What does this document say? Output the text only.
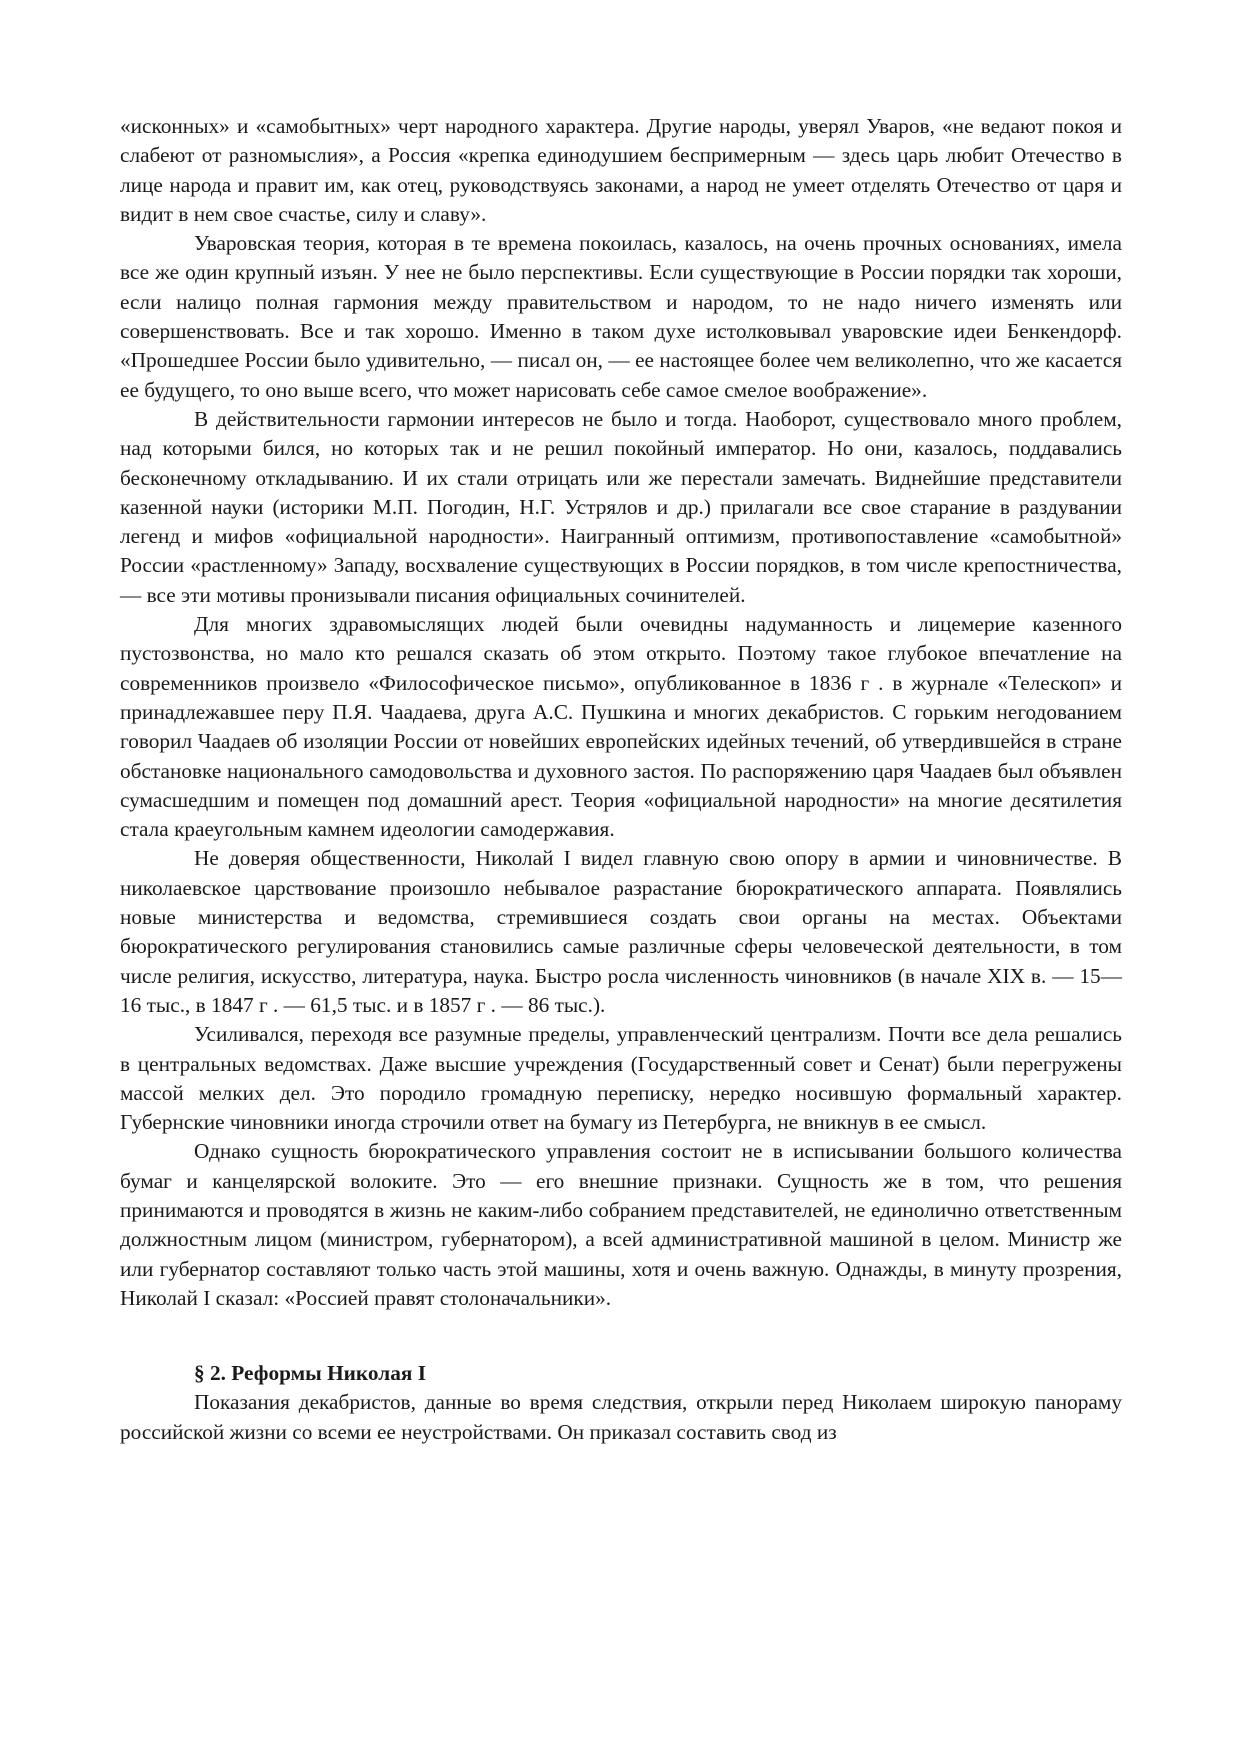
«исконных» и «самобытных» черт народного характера. Другие народы, уверял Уваров, «не ведают покоя и слабеют от разномыслия», а Россия «крепка единодушием беспримерным — здесь царь любит Отечество в лице народа и правит им, как отец, руководствуясь законами, а народ не умеет отделять Отечество от царя и видит в нем свое счастье, силу и славу».

Уваровская теория, которая в те времена покоилась, казалось, на очень прочных основаниях, имела все же один крупный изъян. У нее не было перспективы. Если существующие в России порядки так хороши, если налицо полная гармония между правительством и народом, то не надо ничего изменять или совершенствовать. Все и так хорошо. Именно в таком духе истолковывал уваровские идеи Бенкендорф. «Прошедшее России было удивительно, — писал он, — ее настоящее более чем великолепно, что же касается ее будущего, то оно выше всего, что может нарисовать себе самое смелое воображение».

В действительности гармонии интересов не было и тогда. Наоборот, существовало много проблем, над которыми бился, но которых так и не решил покойный император. Но они, казалось, поддавались бесконечному откладыванию. И их стали отрицать или же перестали замечать. Виднейшие представители казенной науки (историки М.П. Погодин, Н.Г. Устрялов и др.) прилагали все свое старание в раздувании легенд и мифов «официальной народности». Наигранный оптимизм, противопоставление «самобытной» России «растленному» Западу, восхваление существующих в России порядков, в том числе крепостничества, — все эти мотивы пронизывали писания официальных сочинителей.

Для многих здравомыслящих людей были очевидны надуманность и лицемерие казенного пустозвонства, но мало кто решался сказать об этом открыто. Поэтому такое глубокое впечатление на современников произвело «Философическое письмо», опубликованное в 1836 г . в журнале «Телескоп» и принадлежавшее перу П.Я. Чаадаева, друга А.С. Пушкина и многих декабристов. С горьким негодованием говорил Чаадаев об изоляции России от новейших европейских идейных течений, об утвердившейся в стране обстановке национального самодовольства и духовного застоя. По распоряжению царя Чаадаев был объявлен сумасшедшим и помещен под домашний арест. Теория «официальной народности» на многие десятилетия стала краеугольным камнем идеологии самодержавия.

Не доверяя общественности, Николай I видел главную свою опору в армии и чиновничестве. В николаевское царствование произошло небывалое разрастание бюрократического аппарата. Появлялись новые министерства и ведомства, стремившиеся создать свои органы на местах. Объектами бюрократического регулирования становились самые различные сферы человеческой деятельности, в том числе религия, искусство, литература, наука. Быстро росла численность чиновников (в начале XIX в. — 15—16 тыс., в 1847 г . — 61,5 тыс. и в 1857 г . — 86 тыс.).

Усиливался, переходя все разумные пределы, управленческий централизм. Почти все дела решались в центральных ведомствах. Даже высшие учреждения (Государственный совет и Сенат) были перегружены массой мелких дел. Это породило громадную переписку, нередко носившую формальный характер. Губернские чиновники иногда строчили ответ на бумагу из Петербурга, не вникнув в ее смысл.

Однако сущность бюрократического управления состоит не в исписывании большого количества бумаг и канцелярской волоките. Это — его внешние признаки. Сущность же в том, что решения принимаются и проводятся в жизнь не каким-либо собранием представителей, не единолично ответственным должностным лицом (министром, губернатором), а всей административной машиной в целом. Министр же или губернатор составляют только часть этой машины, хотя и очень важную. Однажды, в минуту прозрения, Николай I сказал: «Россией правят столоначальники».

§ 2. Реформы Николая I

Показания декабристов, данные во время следствия, открыли перед Николаем широкую панораму российской жизни со всеми ее неустройствами. Он приказал составить свод из
